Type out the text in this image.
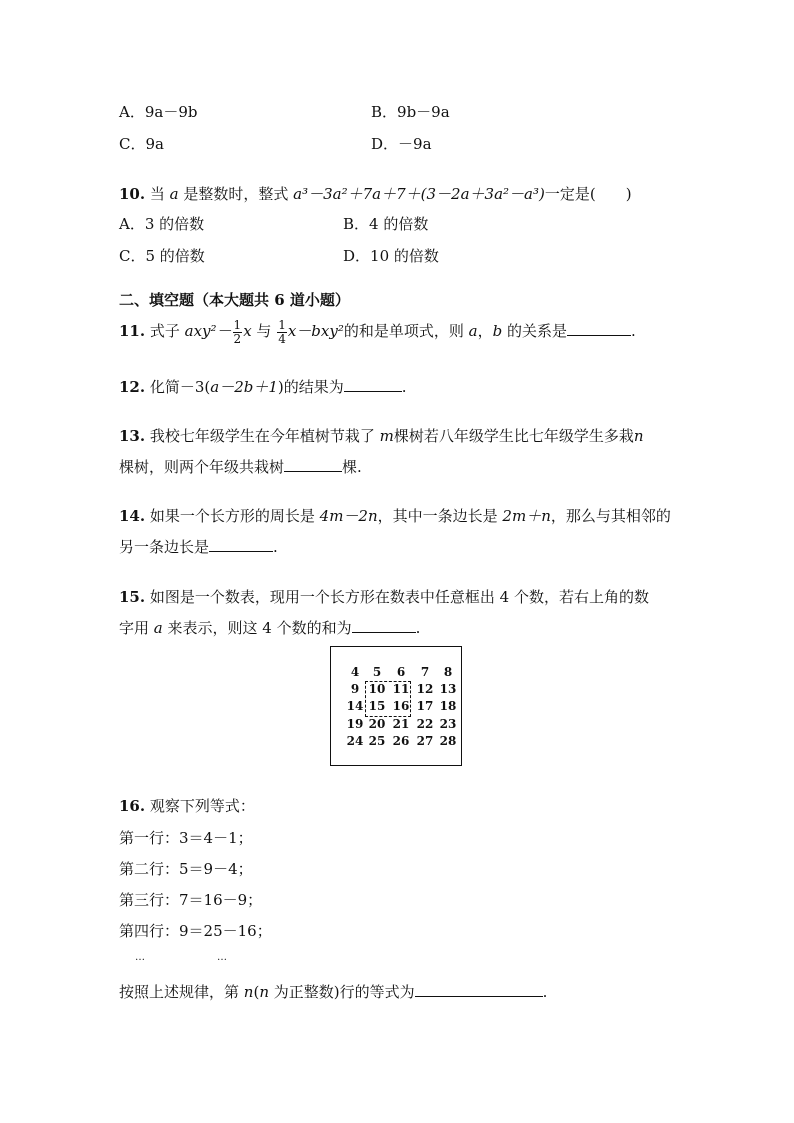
A．9a－9b	B．9b－9a
C．9a	D．－9a
10. 当 a 是整数时，整式 a³－3a²＋7a＋7＋(3－2a＋3a²－a³)一定是(　　)
A．3 的倍数	B．4 的倍数
C．5 的倍数	D．10 的倍数
二、填空题（本大题共 6 道小题）
11. 式子 $axy^2- \frac{1}{2}$ x 与 $\frac{1}{4} x-bxy^2$的和是单项式，则 a，b 的关系是	.
12. 化简－3(a－2b＋1)的结果为	.
13. 我校七年级学生在今年植树节栽了 m棵树若八年级学生比七年级学生多栽n
棵树，则两个年级共栽树	棵.
14. 如果一个长方形的周长是 4m－2n，其中一条边长是 2m＋n，那么与其相邻的
另一条边长是	.
15. 如图是一个数表，现用一个长方形在数表中任意框出 4 个数，若右上角的数
字用 a 来表示，则这 4 个数的和为	.
4	5	6	7	8
9 10 11 12 13
14 15 16 17 18
19 20 21 22 23
24 25 26 27 28
16. 观察下列等式：
第一行：3＝4－1；
第二行：5＝9－4；
第三行：7＝16－9；
第四行：9＝25－16；
…	…
按照上述规律，第 n(n 为正整数)行的等式为	.
